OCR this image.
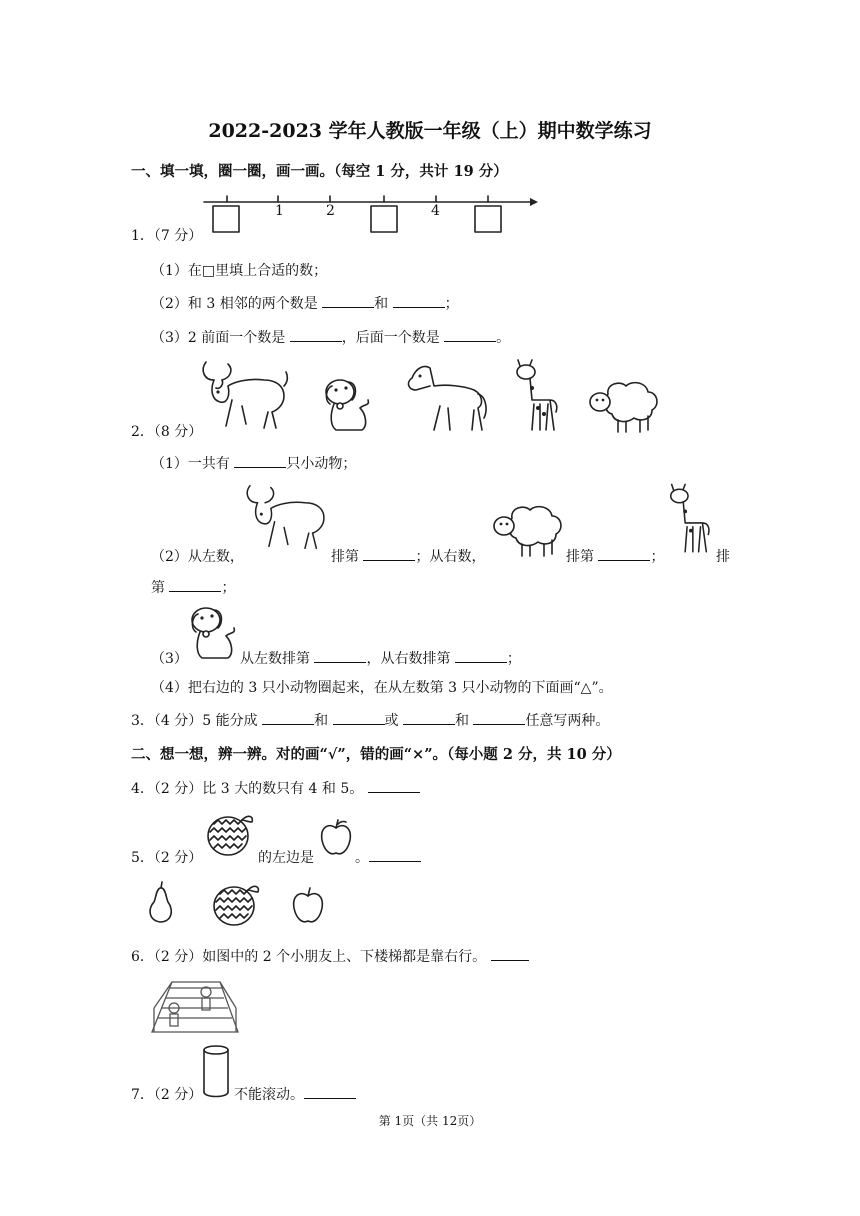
2022-2023 学年人教版一年级（上）期中数学练习
一、填一填，圈一圈，画一画。（每空 1 分，共计 19 分）
1	2	4
1．（7 分）
（1）在□里填上合适的数；
（2）和 3 相邻的两个数是	和	；
（3）2 前面一个数是	，后面一个数是	。
2．（8 分）
（1）一共有	只小动物；
（2）从左数，	排第	；从右数，	排第	；	排
第	；
（3）	从左数排第	，从右数排第	；
（4）把右边的 3 只小动物圈起来，在从左数第 3 只小动物的下面画“△”。
3．（4 分）5 能分成	和	或	和	任意写两种。
二、想一想，辨一辨。对的画“√”，错的画“×”。（每小题 2 分，共 10 分）
4．（2 分）比 3 大的数只有 4 和 5。
5．（2 分）	的左边是	。
6．（2 分）如图中的 2 个小朋友上、下楼梯都是靠右行。
7．（2 分） 不能滚动。
第 1页（共 12页）
